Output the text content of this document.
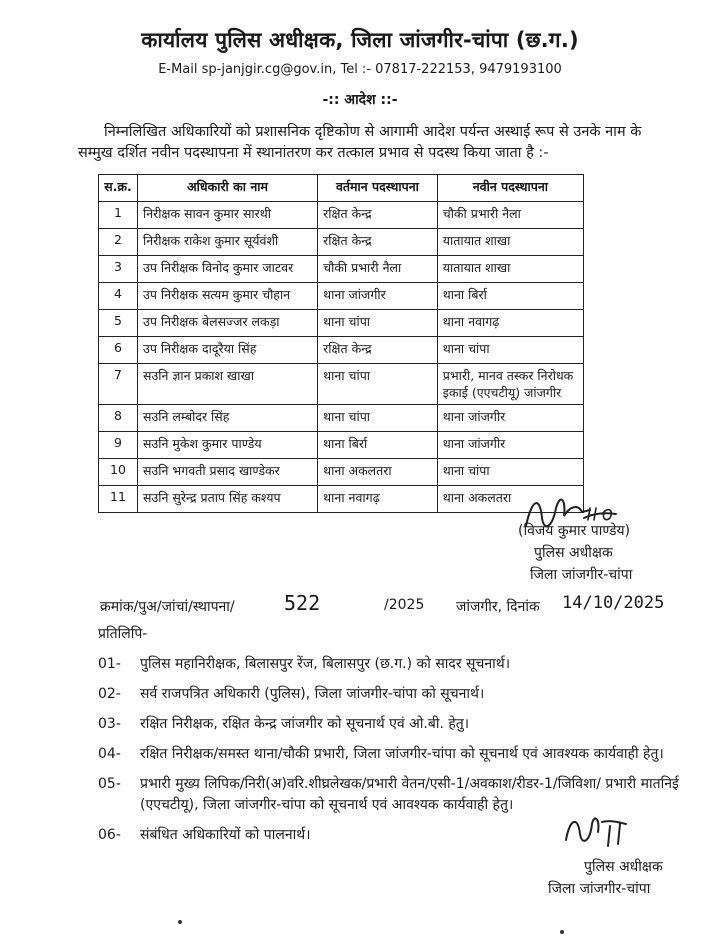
कार्यालय पुलिस अधीक्षक, जिला जांजगीर-चांपा (छ.ग.)
E-Mail sp-janjgir.cg@gov.in, Tel :- 07817-222153, 9479193100
-:: आदेश ::-
निम्नलिखित अधिकारियों को प्रशासनिक दृष्टिकोण से आगामी आदेश पर्यन्त अस्थाई रूप से उनके नाम के सम्मुख दर्शित नवीन पदस्थापना में स्थानांतरण कर तत्काल प्रभाव से पदस्थ किया जाता है :-
स.क्र.	अधिकारी का नाम	वर्तमान पदस्थापना	नवीन पदस्थापना
1	निरीक्षक सावन कुमार सारथी	रक्षित केन्द्र	चौकी प्रभारी नैला
2	निरीक्षक राकेश कुमार सूर्यवंशी	रक्षित केन्द्र	यातायात शाखा
3	उप निरीक्षक विनोद कुमार जाटवर	चौकी प्रभारी नैला	यातायात शाखा
4	उप निरीक्षक सत्यम कुमार चौहान	थाना जांजगीर	थाना बिर्रा
5	उप निरीक्षक बेलसज्जर लकड़ा	थाना चांपा	थाना नवागढ़
6	उप निरीक्षक दादूरैया सिंह	रक्षित केन्द्र	थाना चांपा
7	सउनि ज्ञान प्रकाश खाखा	थाना चांपा	प्रभारी, मानव तस्कर निरोधक इकाई (एएचटीयू) जांजगीर
8	सउनि लम्बोदर सिंह	थाना चांपा	थाना जांजगीर
9	सउनि मुकेश कुमार पाण्डेय	थाना बिर्रा	थाना जांजगीर
10	सउनि भगवती प्रसाद खाण्डेकर	थाना अकलतरा	थाना चांपा
11	सउनि सुरेन्द्र प्रताप सिंह कश्यप	थाना नवागढ़	थाना अकलतरा
(विजय कुमार पाण्डेय)
पुलिस अधीक्षक
जिला जांजगीर-चांपा
क्रमांक/पुअ/जांचां/स्थापना/ 522	/2025 जांजगीर, दिनांक 14/10/2025
प्रतिलिपि-
01- पुलिस महानिरीक्षक, बिलासपुर रेंज, बिलासपुर (छ.ग.) को सादर सूचनार्थ।
02- सर्व राजपत्रित अधिकारी (पुलिस), जिला जांजगीर-चांपा को सूचनार्थ।
03- रक्षित निरीक्षक, रक्षित केन्द्र जांजगीर को सूचनार्थ एवं ओ.बी. हेतु।
04- रक्षित निरीक्षक/समस्त थाना/चौकी प्रभारी, जिला जांजगीर-चांपा को सूचनार्थ एवं आवश्यक कार्यवाही हेतु।
05- प्रभारी मुख्य लिपिक/निरी(अ)वरि.शीघ्रलेखक/प्रभारी वेतन/एसी-1/अवकाश/रीडर-1/जिविशा/ प्रभारी मातनिई (एएचटीयू), जिला जांजगीर-चांपा को सूचनार्थ एवं आवश्यक कार्यवाही हेतु।
06- संबंधित अधिकारियों को पालनार्थ।
पुलिस अधीक्षक
जिला जांजगीर-चांपा
